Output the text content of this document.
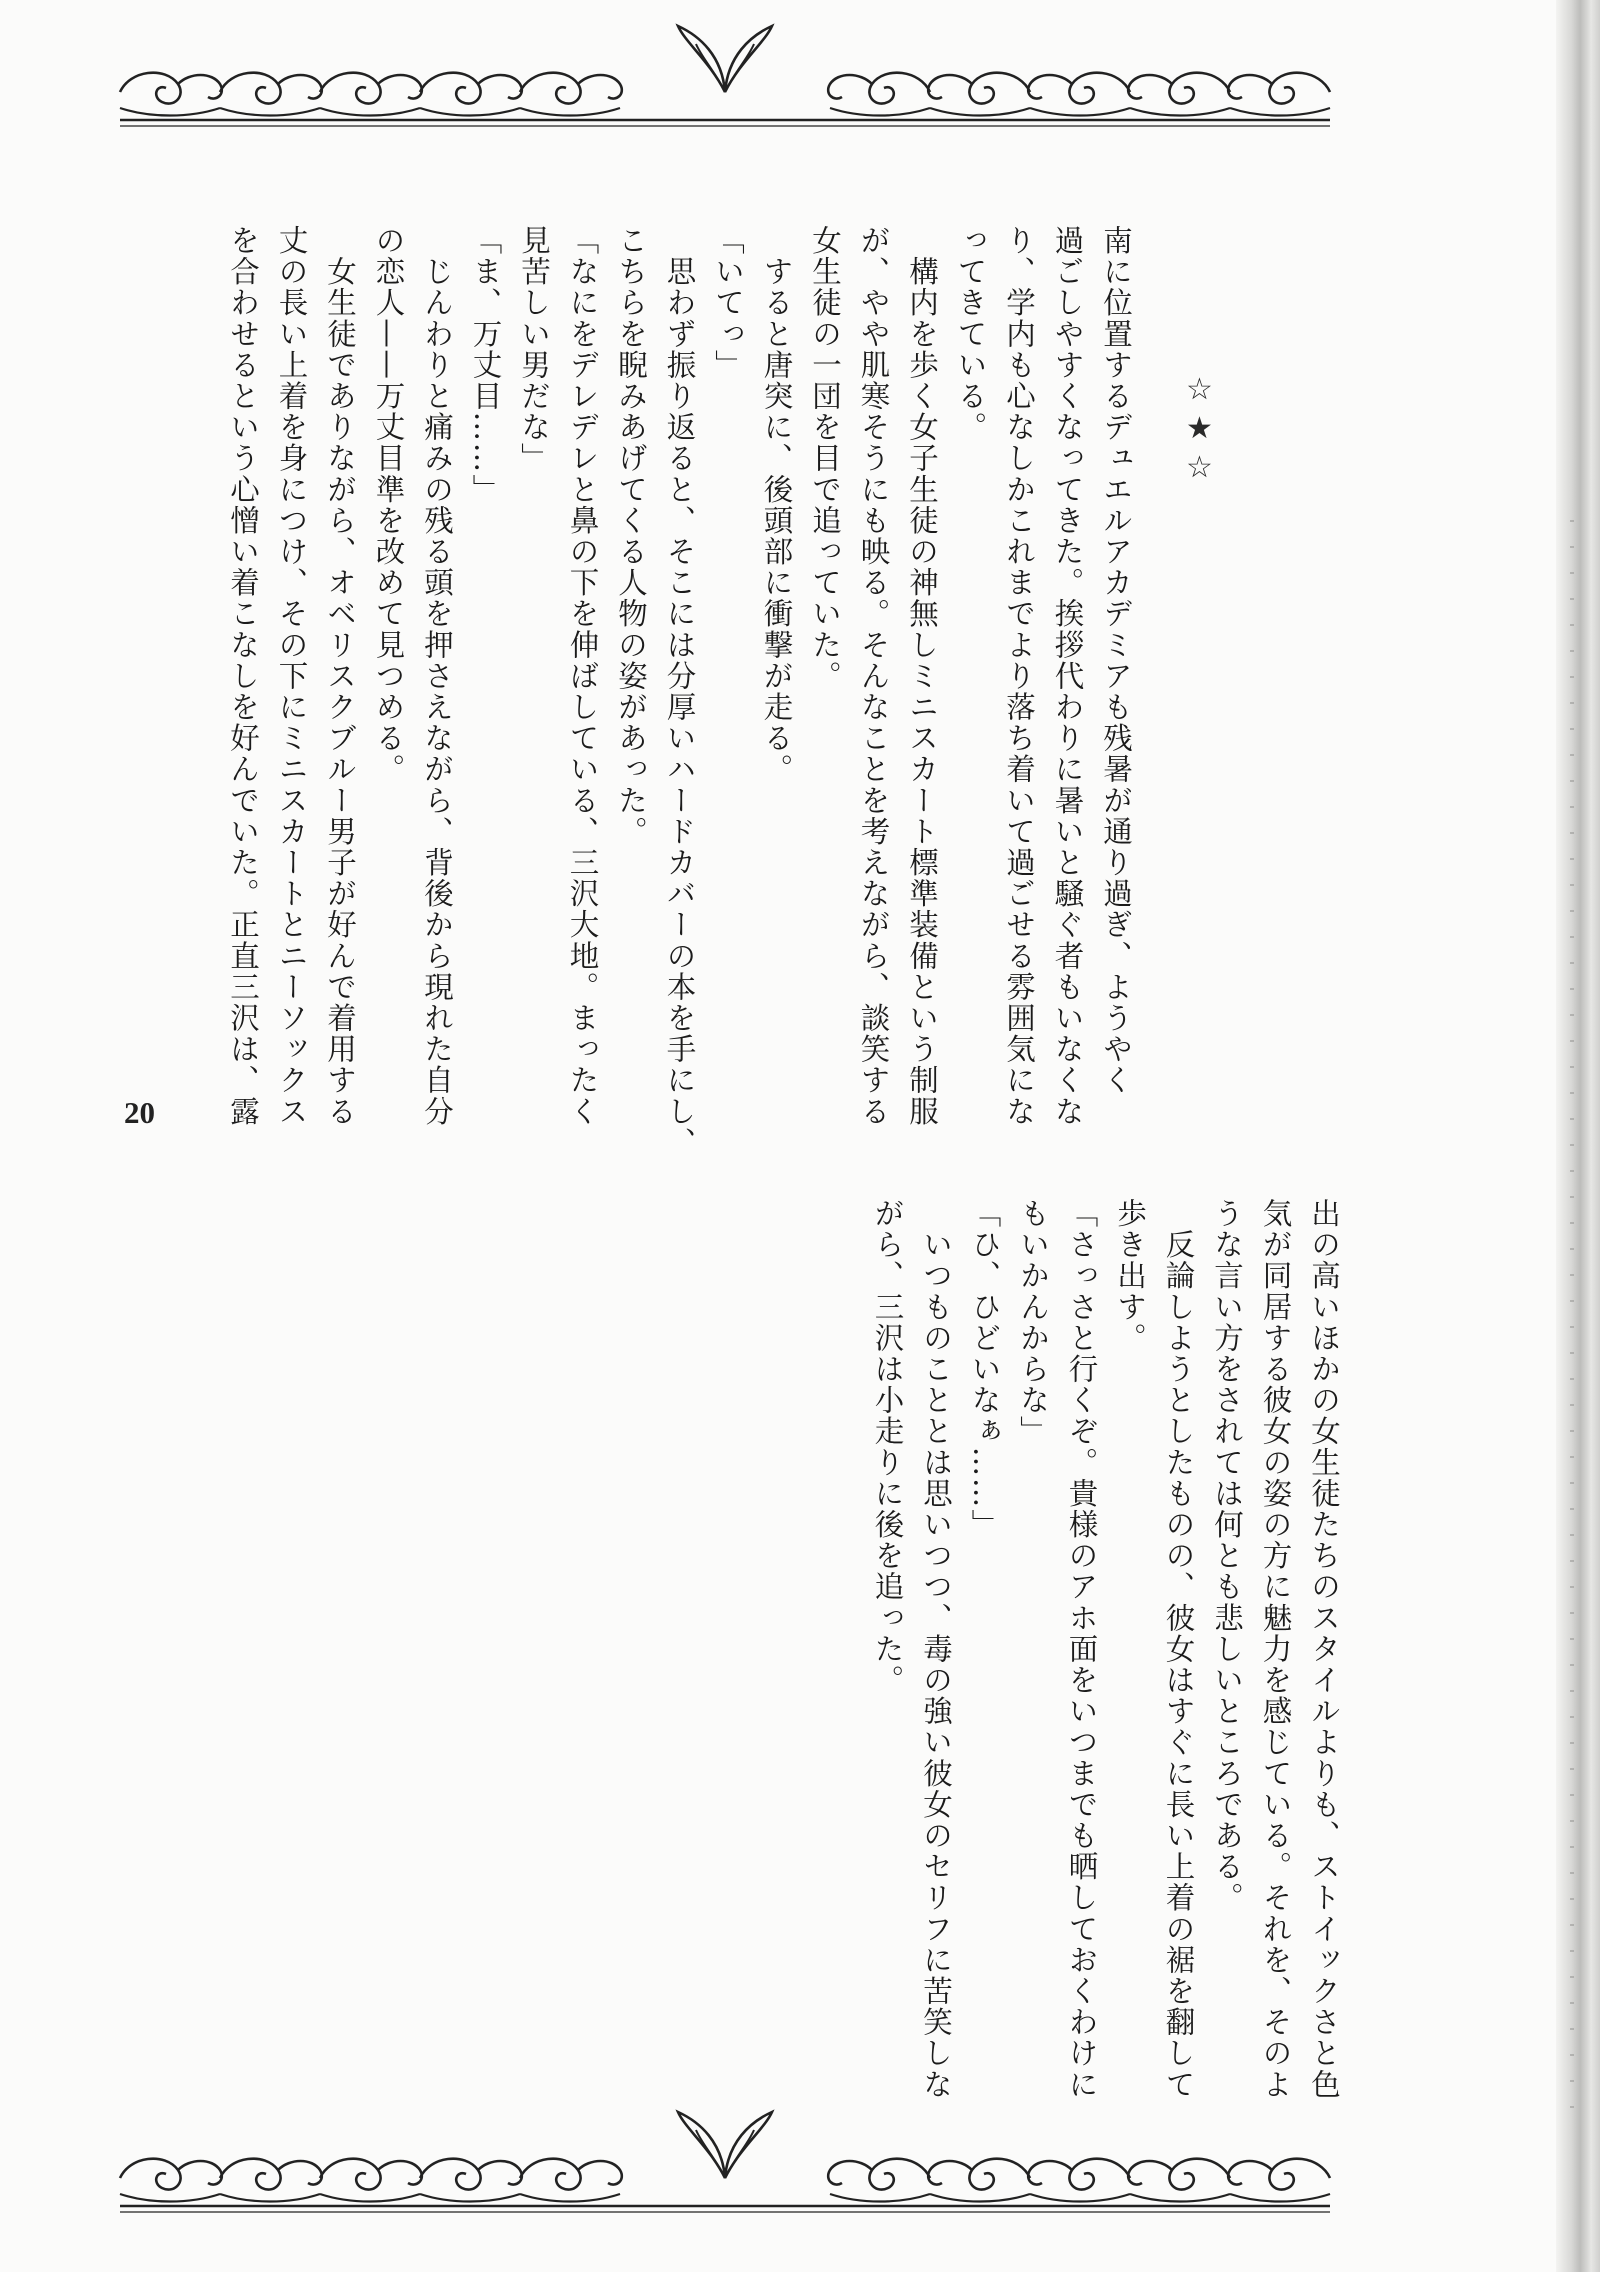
☆★☆

南に位置するデュエルアカデミアも残暑が通り過ぎ、ようやく

過ごしやすくなってきた。挨拶代わりに暑いと騒ぐ者もいなくな

り、学内も心なしかこれまでより落ち着いて過ごせる雰囲気にな

ってきている。

　構内を歩く女子生徒の神無しミニスカート標準装備という制服

が、やや肌寒そうにも映る。そんなことを考えながら、談笑する

女生徒の一団を目で追っていた。

　すると唐突に、後頭部に衝撃が走る。

「いてっ」

　思わず振り返ると、そこには分厚いハードカバーの本を手にし、

こちらを睨みあげてくる人物の姿があった。

「なにをデレデレと鼻の下を伸ばしている、三沢大地。まったく

見苦しい男だな」

「ま、万丈目……」

　じんわりと痛みの残る頭を押さえながら、背後から現れた自分

の恋人——万丈目準を改めて見つめる。

　女生徒でありながら、オベリスクブルー男子が好んで着用する

丈の長い上着を身につけ、その下にミニスカートとニーソックス

を合わせるという心憎い着こなしを好んでいた。正直三沢は、露

20

出の高いほかの女生徒たちのスタイルよりも、ストイックさと色

気が同居する彼女の姿の方に魅力を感じている。それを、そのよ

うな言い方をされては何とも悲しいところである。

　反論しようとしたものの、彼女はすぐに長い上着の裾を翻して

歩き出す。

「さっさと行くぞ。貴様のアホ面をいつまでも晒しておくわけに

もいかんからな」

「ひ、ひどいなぁ……」

　いつものこととは思いつつ、毒の強い彼女のセリフに苦笑しな

がら、三沢は小走りに後を追った。
